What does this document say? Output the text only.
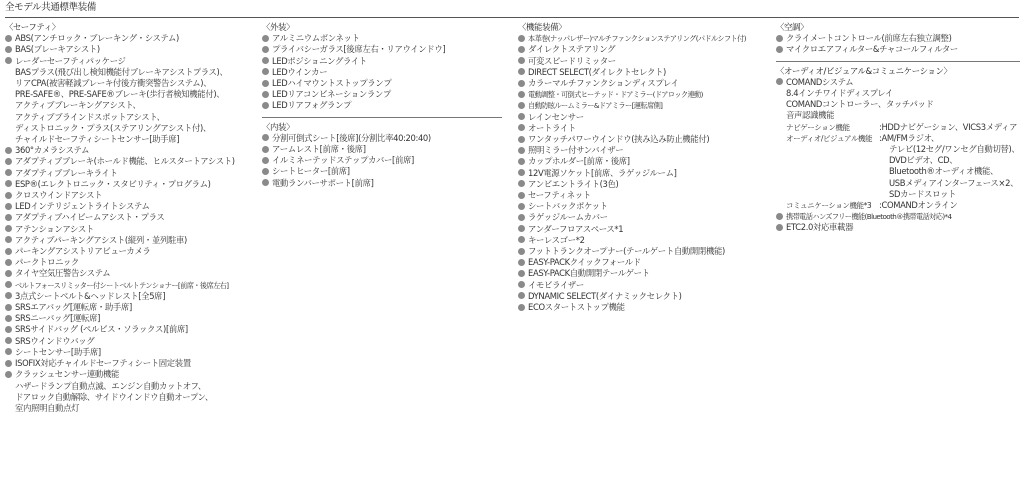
全モデル共通標準装備
〈セーフティ〉
ABS(アンチロック・ブレーキング・システム)
BAS(ブレーキアシスト)
レーダーセーフティパッケージ
BASプラス(飛び出し検知機能付ブレーキアシストプラス)、
リアCPA(被害軽減ブレーキ付後方衝突警告システム)、
PRE-SAFE®、PRE-SAFE®ブレーキ(歩行者検知機能付)、
アクティブブレーキングアシスト、
アクティブブラインドスポットアシスト、
ディストロニック・プラス(ステアリングアシスト付)、
チャイルドセーフティシートセンサー[助手席]
360°カメラシステム
アダプティブブレーキ(ホールド機能、ヒルスタートアシスト)
アダプティブブレーキライト
ESP®(エレクトロニック・スタビリティ・プログラム)
クロスウインドアシスト
LEDインテリジェントライトシステム
アダプティブハイビームアシスト・プラス
アテンションアシスト
アクティブパーキングアシスト(縦列・並列駐車)
パーキングアシストリアビューカメラ
パークトロニック
タイヤ空気圧警告システム
ベルトフォースリミッター付シートベルトテンショナー[前席・後席左右]
3点式シートベルト&ヘッドレスト[全5席]
SRSエアバッグ[運転席・助手席]
SRSニーバッグ[運転席]
SRSサイドバッグ (ペルビス・ソラックス)[前席]
SRSウインドウバッグ
シートセンサー[助手席]
ISOFIX対応チャイルドセーフティシート固定装置
クラッシュセンサー連動機能
ハザードランプ自動点滅、エンジン自動カットオフ、
ドアロック自動解除、サイドウインドウ自動オープン、
室内照明自動点灯
〈外装〉
アルミニウムボンネット
プライバシーガラス[後席左右・リアウインドウ]
LEDポジショニングライト
LEDウインカー
LEDハイマウントストップランプ
LEDリアコンビネーションランプ
LEDリアフォグランプ
〈内装〉
分割可倒式シート[後席](分割比率40:20:40)
アームレスト[前席・後席]
イルミネーテッドステップカバー[前席]
シートヒーター[前席]
電動ランバーサポート[前席]
〈機能装備〉
本革巻(ナッパレザー)マルチファンクションステアリング(パドルシフト付)
ダイレクトステアリング
可変スピードリミッター
DIRECT SELECT(ダイレクトセレクト)
カラーマルチファンクションディスプレイ
電動調整・可倒式ヒーテッド・ドアミラー(ドアロック連動)
自動防眩ルームミラー&ドアミラー[運転席側]
レインセンサー
オートライト
ワンタッチパワーウインドウ(挟み込み防止機能付)
照明ミラー付サンバイザー
カップホルダー[前席・後席]
12V電源ソケット[前席、ラゲッジルーム]
アンビエントライト(3色)
セーフティネット
シートバックポケット
ラゲッジルームカバー
アンダーフロアスペース*1
キーレスゴー*2
フットトランクオープナー(テールゲート自動開閉機能)
EASY-PACKクイックフォールド
EASY-PACK自動開閉テールゲート
イモビライザー
DYNAMIC SELECT(ダイナミックセレクト)
ECOスタートストップ機能
〈空調〉
クライメートコントロール(前席左右独立調整)
マイクロエアフィルター&チャコールフィルター
〈オーディオ/ビジュアル&コミュニケーション〉
COMANDシステム
8.4インチワイドディスプレイ
COMANDコントローラー、タッチパッド
音声認識機能
ナビゲーション機能	:HDDナビゲーション、VICS3メディア
オーディオ/ビジュアル機能 :AM/FMラジオ、
テレビ(12セグ/ワンセグ自動切替)、
DVDビデオ、CD、
Bluetooth®オーディオ機能、
USBメディアインターフェース×2、
SDカードスロット
コミュニケーション機能*3 :COMANDオンライン
携帯電話ハンズフリー機能(Bluetooth®携帯電話対応)*4
ETC2.0対応車載器
